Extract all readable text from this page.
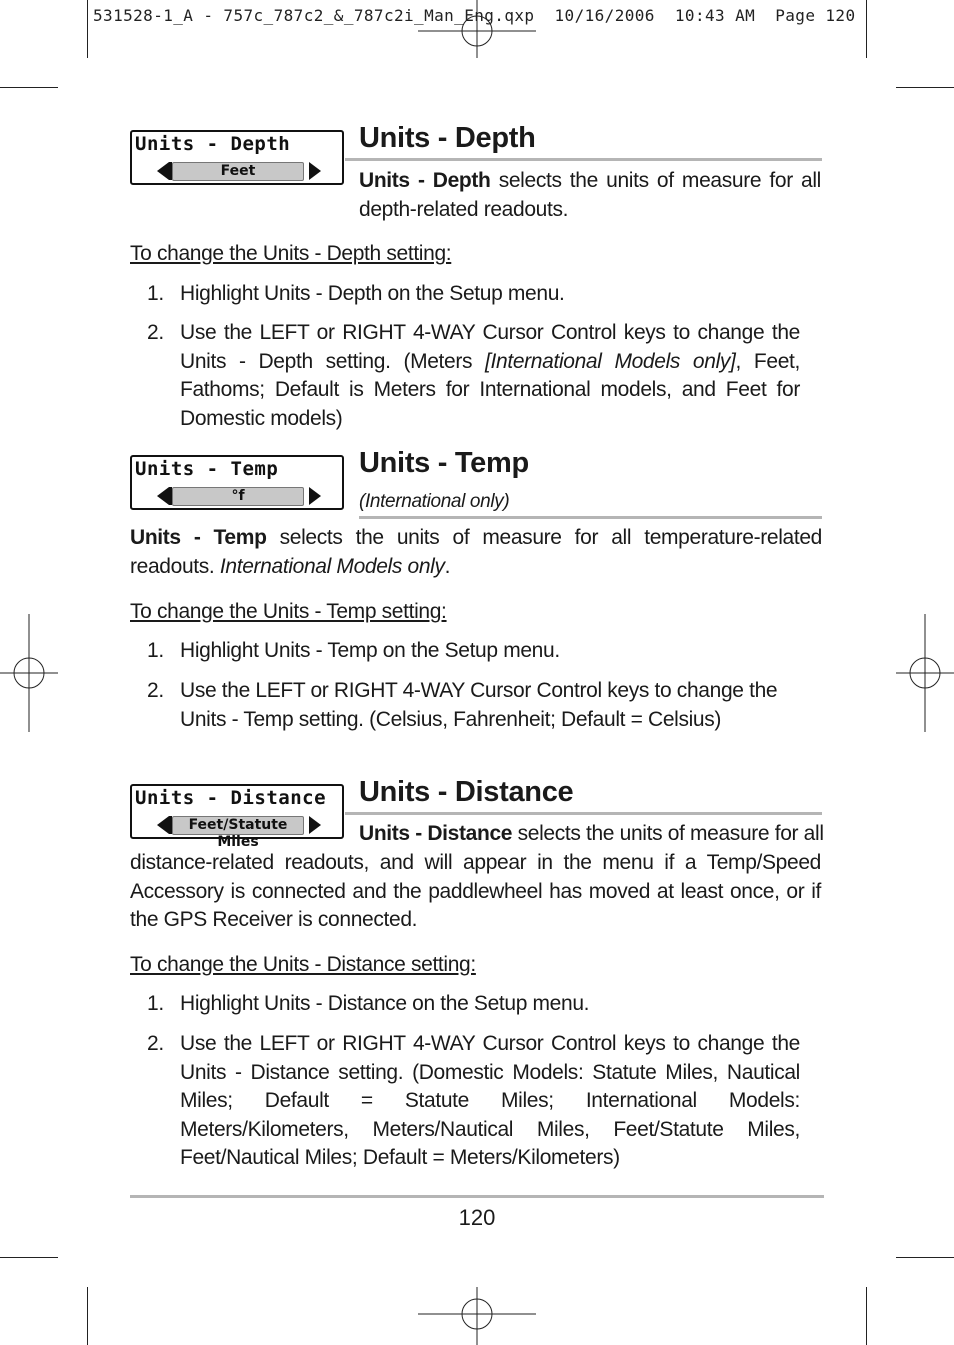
531528-1_A - 757c_787c2_&_787c2i_Man_Eng.qxp  10/16/2006  10:43 AM  Page 120
Units - Depth
Feet
Units - Depth
Units - Depth selects the units of measure for all depth-related readouts.
To change the Units - Depth setting:
1. Highlight Units - Depth on the Setup menu.
2. Use the LEFT or RIGHT 4-WAY Cursor Control keys to change the Units - Depth setting. (Meters [International Models only], Feet, Fathoms; Default is Meters for International models, and Feet for Domestic models)
Units - Temp
°f
Units - Temp
(International only)
Units - Temp selects the units of measure for all temperature-related readouts. International Models only.
To change the Units - Temp setting:
1. Highlight Units - Temp on the Setup menu.
2. Use the LEFT or RIGHT 4-WAY Cursor Control keys to change the Units - Temp setting. (Celsius, Fahrenheit; Default = Celsius)
Units - Distance
Feet/Statute Miles
Units - Distance
Units - Distance selects the units of measure for all
distance-related readouts, and will appear in the menu if a Temp/Speed Accessory is connected and the paddlewheel has moved at least once, or if the GPS Receiver is connected.
To change the Units - Distance setting:
1. Highlight Units - Distance on the Setup menu.
2. Use the LEFT or RIGHT 4-WAY Cursor Control keys to change the Units - Distance setting. (Domestic Models: Statute Miles, Nautical Miles; Default = Statute Miles; International Models: Meters/Kilometers, Meters/Nautical Miles, Feet/Statute Miles, Feet/Nautical Miles; Default = Meters/Kilometers)
120
